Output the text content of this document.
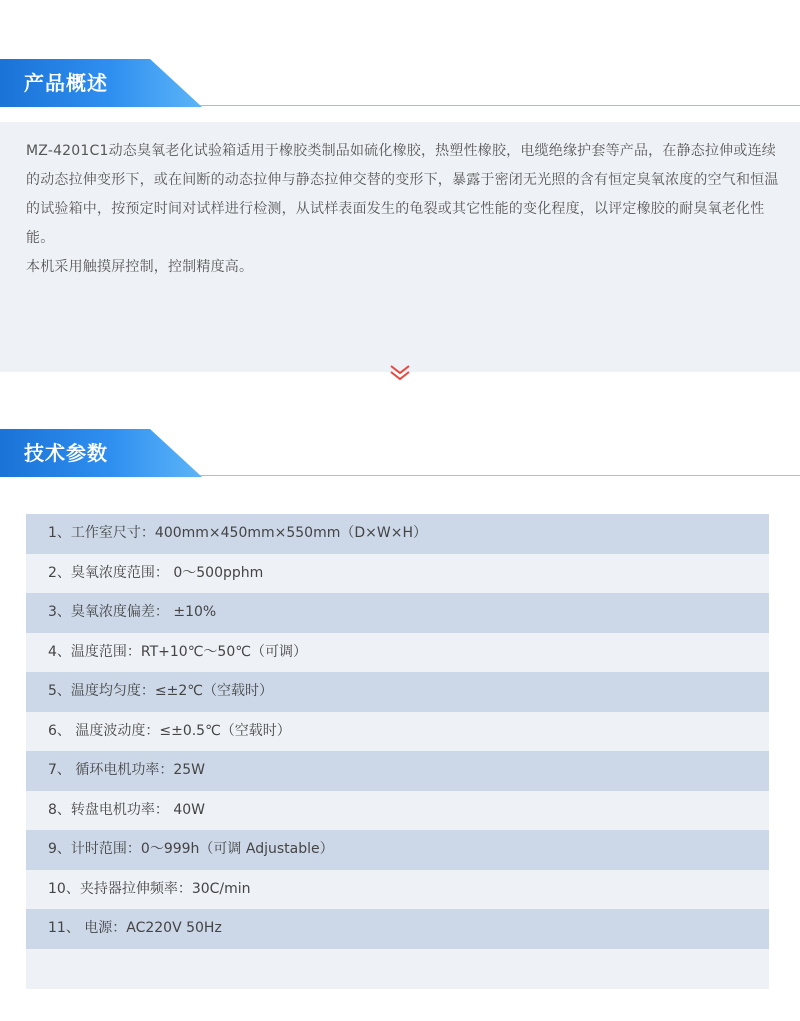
产品概述

MZ-4201C1动态臭氧老化试验箱适用于橡胶类制品如硫化橡胶，热塑性橡胶，电缆绝缘护套等产品，在静态拉伸或连续的动态拉伸变形下，或在间断的动态拉伸与静态拉伸交替的变形下，暴露于密闭无光照的含有恒定臭氧浓度的空气和恒温的试验箱中，按预定时间对试样进行检测，从试样表面发生的龟裂或其它性能的变化程度，以评定橡胶的耐臭氧老化性能。

本机采用触摸屏控制，控制精度高。

技术参数
1、工作室尺寸：400mm×450mm×550mm（D×W×H）
2、臭氧浓度范围： 0～500pphm
3、臭氧浓度偏差： ±10%
4、温度范围：RT+10℃～50℃（可调）
5、温度均匀度：≤±2℃（空载时）
6、 温度波动度：≤±0.5℃（空载时）
7、 循环电机功率：25W
8、转盘电机功率： 40W
9、计时范围：0～999h（可调 Adjustable）
10、夹持器拉伸频率：30C/min
11、 电源：AC220V 50Hz
